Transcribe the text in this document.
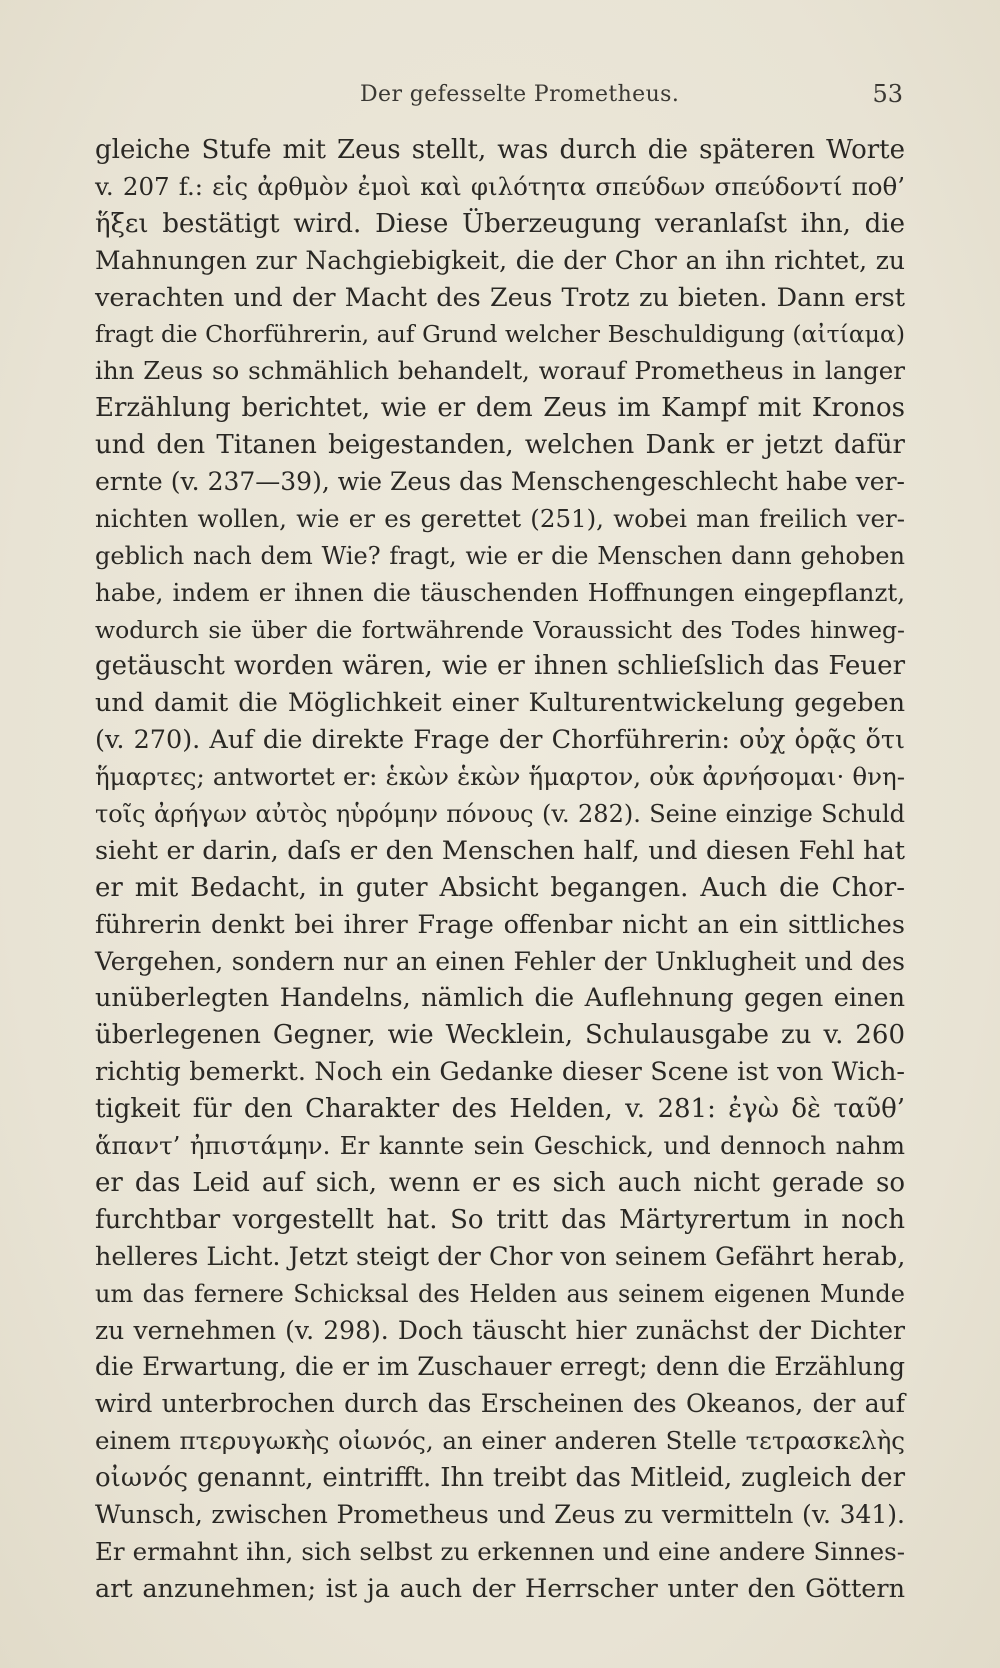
Der gefesselte Prometheus.	53
gleiche Stufe mit Zeus stellt, was durch die späteren Worte
v. 207 f.: εἰς ἀρθμὸν ἐμοὶ καὶ φιλότητα σπεύδων σπεύδοντί ποθ’
ἥξει bestätigt wird. Diese Überzeugung veranlaſst ihn, die
Mahnungen zur Nachgiebigkeit, die der Chor an ihn richtet, zu
verachten und der Macht des Zeus Trotz zu bieten. Dann erst
fragt die Chorführerin, auf Grund welcher Beschuldigung (αἰτίαμα)
ihn Zeus so schmählich behandelt, worauf Prometheus in langer
Erzählung berichtet, wie er dem Zeus im Kampf mit Kronos
und den Titanen beigestanden, welchen Dank er jetzt dafür
ernte (v. 237—39), wie Zeus das Menschengeschlecht habe ver-
nichten wollen, wie er es gerettet (251), wobei man freilich ver-
geblich nach dem Wie? fragt, wie er die Menschen dann gehoben
habe, indem er ihnen die täuschenden Hoffnungen eingepflanzt,
wodurch sie über die fortwährende Voraussicht des Todes hinweg-
getäuscht worden wären, wie er ihnen schlieſslich das Feuer
und damit die Möglichkeit einer Kulturentwickelung gegeben
(v. 270). Auf die direkte Frage der Chorführerin: οὐχ ὁρᾷς ὅτι
ἥμαρτες; antwortet er: ἑκὼν ἑκὼν ἥμαρτον, οὐκ ἀρνήσομαι· θνη-
τοῖς ἀρήγων αὐτὸς ηὑρόμην πόνους (v. 282). Seine einzige Schuld
sieht er darin, daſs er den Menschen half, und diesen Fehl hat
er mit Bedacht, in guter Absicht begangen. Auch die Chor-
führerin denkt bei ihrer Frage offenbar nicht an ein sittliches
Vergehen, sondern nur an einen Fehler der Unklugheit und des
unüberlegten Handelns, nämlich die Auflehnung gegen einen
überlegenen Gegner, wie Wecklein, Schulausgabe zu v. 260
richtig bemerkt. Noch ein Gedanke dieser Scene ist von Wich-
tigkeit für den Charakter des Helden, v. 281: ἐγὼ δὲ ταῦθ’
ἅπαντ’ ἠπιστάμην. Er kannte sein Geschick, und dennoch nahm
er das Leid auf sich, wenn er es sich auch nicht gerade so
furchtbar vorgestellt hat. So tritt das Märtyrertum in noch
helleres Licht. Jetzt steigt der Chor von seinem Gefährt herab,
um das fernere Schicksal des Helden aus seinem eigenen Munde
zu vernehmen (v. 298). Doch täuscht hier zunächst der Dichter
die Erwartung, die er im Zuschauer erregt; denn die Erzählung
wird unterbrochen durch das Erscheinen des Okeanos, der auf
einem πτερυγωκὴς οἰωνός, an einer anderen Stelle τετρασκελὴς
οἰωνός genannt, eintrifft. Ihn treibt das Mitleid, zugleich der
Wunsch, zwischen Prometheus und Zeus zu vermitteln (v. 341).
Er ermahnt ihn, sich selbst zu erkennen und eine andere Sinnes-
art anzunehmen; ist ja auch der Herrscher unter den Göttern
